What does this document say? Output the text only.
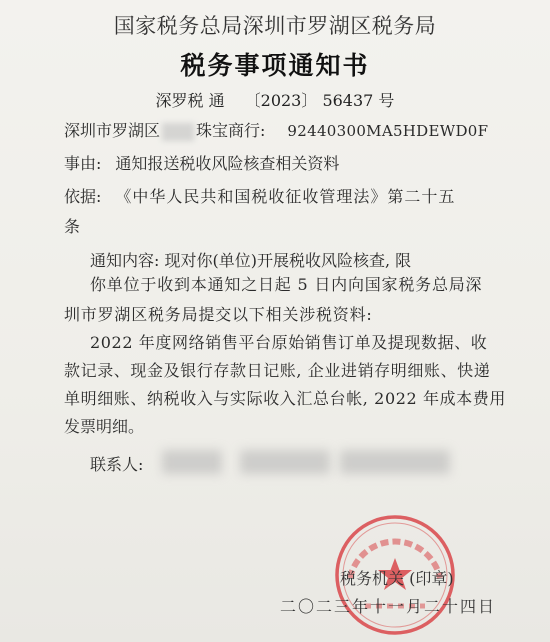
国家税务总局深圳市罗湖区税务局
税务事项通知书
深罗税 通 〔2023〕 56437 号
深圳市罗湖区 珠宝商行: 92440300MA5HDEWD0F
事由: 通知报送税收风险核查相关资料
依据: 《中华人民共和国税收征收管理法》第二十五
条
通知内容: 现对你(单位)开展税收风险核查, 限
你单位于收到本通知之日起 5 日内向国家税务总局深
圳市罗湖区税务局提交以下相关涉税资料:
2022 年度网络销售平台原始销售订单及提现数据、收
款记录、现金及银行存款日记账, 企业进销存明细账、快递
单明细账、纳税收入与实际收入汇总台帐, 2022 年成本费用
发票明细。
联系人:
税务机关 (印章)
二〇二三年十一月二十四日
